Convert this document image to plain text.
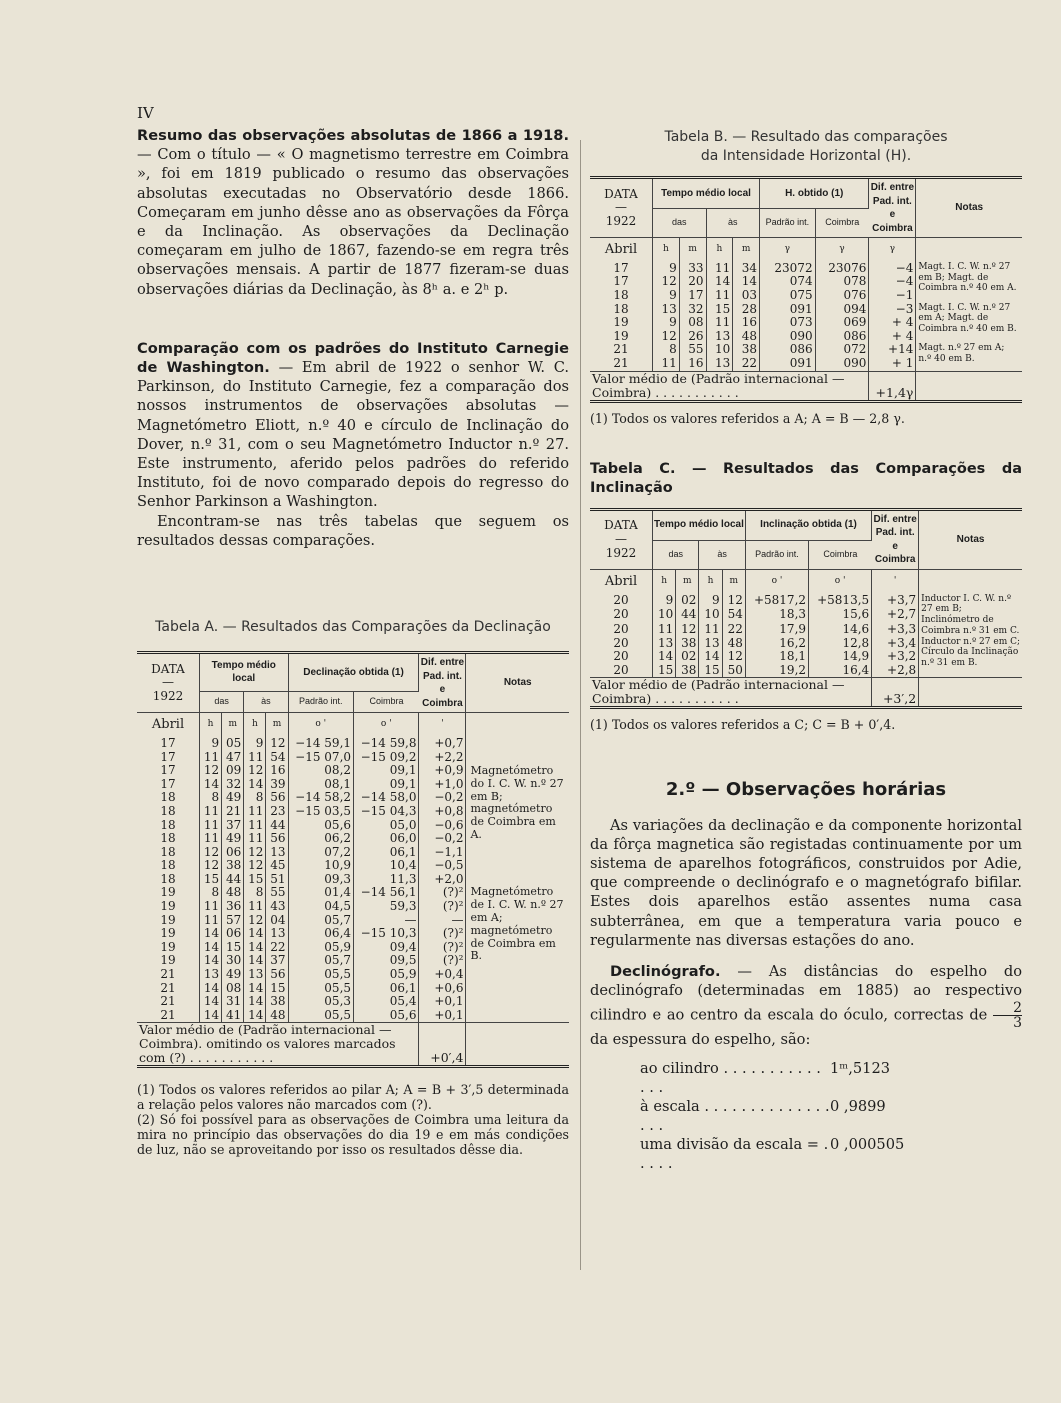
IV

Resumo das observações absolutas de 1866 a 1918. — Com o título — « O magnetismo terrestre em Coimbra », foi em 1819 publicado o resumo das observações absolutas executadas no Observatório desde 1866. Começaram em junho dêsse ano as observações da Fôrça e da Inclinação. As observações da Declinação começaram em julho de 1867, fazendo-se em regra três observações mensais. A partir de 1877 fizeram-se duas observações diárias da Declinação, às 8ʰ a. e 2ʰ p.

Comparação com os padrões do Instituto Carnegie de Washington. — Em abril de 1922 o senhor W. C. Parkinson, do Instituto Carnegie, fez a comparação dos nossos instrumentos de observações absolutas — Magnetómetro Eliott, n.º 40 e círculo de Inclinação do Dover, n.º 31, com o seu Magnetómetro Inductor n.º 27. Este instrumento, aferido pelos padrões do referido Instituto, foi de novo comparado depois do regresso do Senhor Parkinson a Washington.

Encontram-se nas três tabelas que seguem os resultados dessas comparações.

Tabela A. — Resultados das Comparações da Declinação

DATA
—
1922	Tempo médio local				Declinação obtida (1)		Dif. entre Pad. int. e Coimbra	Notas
	das		às		Padrão int.	Coimbra		
Abril	h	m	h	m	o '	o '	'	
17	9	05	9	12	−14 59,1	−14 59,8	+0,7	Magnetómetro do I. C. W. n.º 27 em B; magnetómetro de Coimbra em A.
17	11	47	11	54	−15 07,0	−15 09,2	+2,2	
17	12	09	12	16	08,2	09,1	+0,9	
17	14	32	14	39	08,1	09,1	+1,0	
18	8	49	8	56	−14 58,2	−14 58,0	−0,2	
18	11	21	11	23	−15 03,5	−15 04,3	+0,8	
18	11	37	11	44	05,6	05,0	−0,6	
18	11	49	11	56	06,2	06,0	−0,2	
18	12	06	12	13	07,2	06,1	−1,1	
18	12	38	12	45	10,9	10,4	−0,5	
18	15	44	15	51	09,3	11,3	+2,0	
19	8	48	8	55	01,4	−14 56,1	(?)²	Magnetómetro de I. C. W. n.º 27 em A; magnetómetro de Coimbra em B.
19	11	36	11	43	04,5	59,3	(?)²	
19	11	57	12	04	05,7	—	—	
19	14	06	14	13	06,4	−15 10,3	(?)²	
19	14	15	14	22	05,9	09,4	(?)²	
19	14	30	14	37	05,7	09,5	(?)²	
21	13	49	13	56	05,5	05,9	+0,4	
21	14	08	14	15	05,5	06,1	+0,6	
21	14	31	14	38	05,3	05,4	+0,1	
21	14	41	14	48	05,5	05,6	+0,1	
Valor médio de (Padrão internacional — Coimbra). omitindo os valores marcados com (?) . . . . . . . . . . .							+0′,4	

(1) Todos os valores referidos ao pilar A; A = B + 3′,5 determinada a relação pelos valores não marcados com (?).

(2) Só foi possível para as observações de Coimbra uma leitura da mira no princípio das observações do dia 19 e em más condições de luz, não se aproveitando por isso os resultados dêsse dia.

Tabela B. — Resultado das comparações

da Intensidade Horizontal (H).

DATA
—
1922	Tempo médio local				H. obtido (1)		Dif. entre Pad. int. e Coimbra	Notas
	das		às		Padrão int.	Coimbra		
Abril	h	m	h	m	γ	γ	γ	
17	9	33	11	34	23072	23076	−4	Magt. I. C. W. n.º 27 em B; Magt. de Coimbra n.º 40 em A.
17	12	20	14	14	074	078	−4	
18	9	17	11	03	075	076	−1	
18	13	32	15	28	091	094	−3	Magt. I. C. W. n.º 27 em A; Magt. de Coimbra n.º 40 em B.
19	9	08	11	16	073	069	+ 4	
19	12	26	13	48	090	086	+ 4	
21	8	55	10	38	086	072	+14	Magt. n.º 27 em A; n.º 40 em B.
21	11	16	13	22	091	090	+ 1	
Valor médio de (Padrão internacional — Coimbra) . . . . . . . . . . .							+1,4γ	

(1) Todos os valores referidos a A; A = B — 2,8 γ.

Tabela C. — Resultados das Comparações da Inclinação

DATA
—
1922	Tempo médio local				Inclinação obtida (1)		Dif. entre Pad. int. e Coimbra	Notas
	das		às		Padrão int.	Coimbra		
Abril	h	m	h	m	o '	o '	'	
20	9	02	9	12	+5817,2	+5813,5	+3,7	Inductor I. C. W. n.º 27 em B; Inclinómetro de Coimbra n.º 31 em C.
20	10	44	10	54	18,3	15,6	+2,7	
20	11	12	11	22	17,9	14,6	+3,3	
20	13	38	13	48	16,2	12,8	+3,4	Inductor n.º 27 em C; Círculo da Inclinação n.º 31 em B.
20	14	02	14	12	18,1	14,9	+3,2	
20	15	38	15	50	19,2	16,4	+2,8	
Valor médio de (Padrão internacional — Coimbra) . . . . . . . . . . .							+3′,2	

(1) Todos os valores referidos a C; C = B + 0′,4.

2.º — Observações horárias

As variações da declinação e da componente horizontal da fôrça magnetica são registadas continuamente por um sistema de aparelhos fotográficos, construidos por Adie, que compreende o declinógrafo e o magnetógrafo bifilar. Estes dois aparelhos estão assentes numa casa subterrânea, em que a temperatura varia pouco e regularmente nas diversas estações do ano.

Declinógrafo. — As distâncias do espelho do declinógrafo (determinadas em 1885) ao respectivo cilindro e ao centro da escala do óculo, correctas de $\frac{2}{3}$
da espessura do espelho, são:

ao cilindro . . . . . . . . . . . . . .
1ᵐ,5123
à escala . . . . . . . . . . . . . . . . .
0 ,9899
uma divisão da escala = . . . . .
0 ,000505
